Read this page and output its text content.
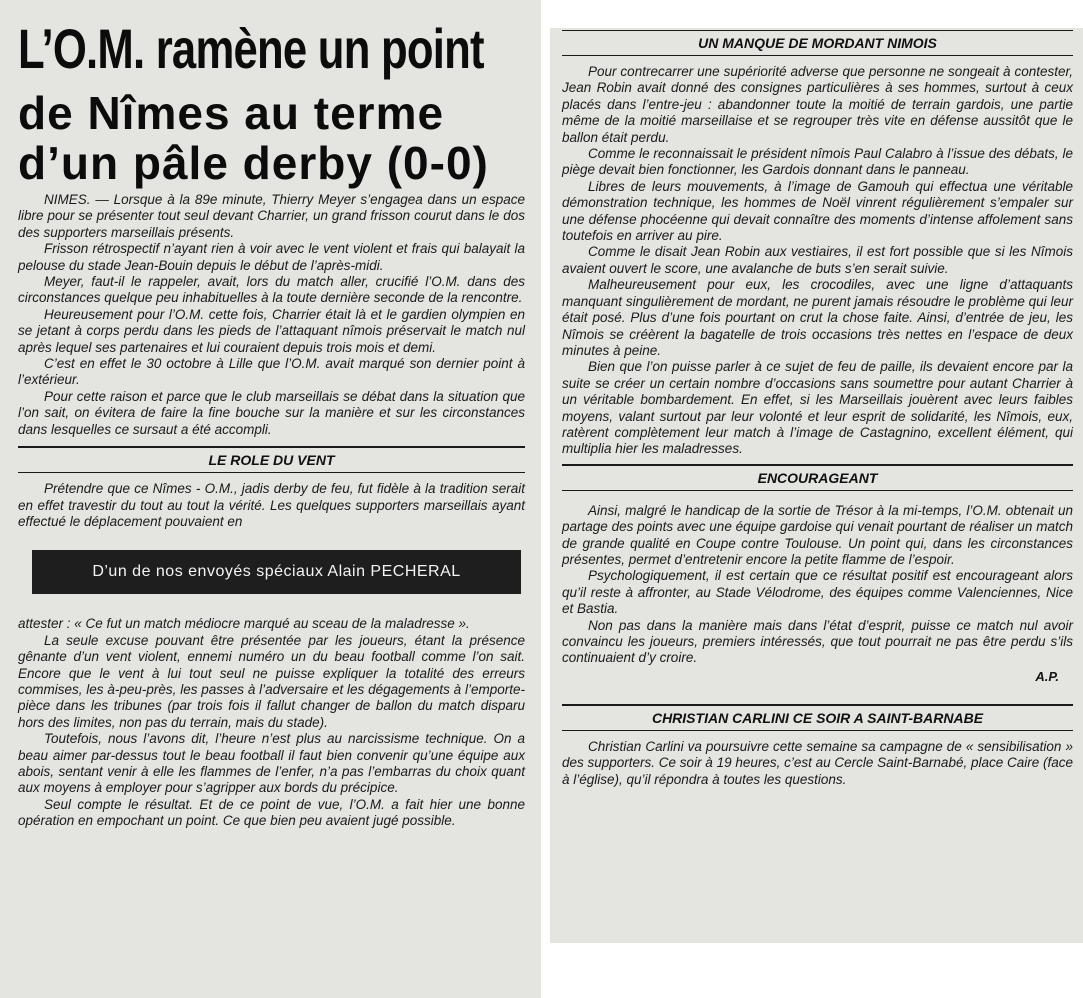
L’O.M. ramène un point
de Nîmes au terme
d’un pâle derby (0-0)

NIMES. — Lorsque à la 89e minute, Thierry Meyer s’engagea dans un espace libre pour se présenter tout seul devant Charrier, un grand frisson courut dans le dos des supporters marseillais présents.

Frisson rétrospectif n’ayant rien à voir avec le vent violent et frais qui balayait la pelouse du stade Jean-Bouin depuis le début de l’après-midi.

Meyer, faut-il le rappeler, avait, lors du match aller, crucifié l’O.M. dans des circonstances quelque peu inhabituelles à la toute dernière seconde de la rencontre.

Heureusement pour l’O.M. cette fois, Charrier était là et le gardien olympien en se jetant à corps perdu dans les pieds de l’attaquant nîmois préservait le match nul après lequel ses partenaires et lui couraient depuis trois mois et demi.

C’est en effet le 30 octobre à Lille que l’O.M. avait marqué son dernier point à l’extérieur.

Pour cette raison et parce que le club marseillais se débat dans la situation que l’on sait, on évitera de faire la fine bouche sur la manière et sur les circonstances dans lesquelles ce sursaut a été accompli.

LE ROLE DU VENT

Prétendre que ce Nîmes - O.M., jadis derby de feu, fut fidèle à la tradition serait en effet travestir du tout au tout la vérité. Les quelques supporters marseillais ayant effectué le déplacement pouvaient en

D’un de nos envoyés spéciaux Alain PECHERAL

attester : « Ce fut un match médiocre marqué au sceau de la maladresse ».

La seule excuse pouvant être présentée par les joueurs, étant la présence gênante d’un vent violent, ennemi numéro un du beau football comme l’on sait. Encore que le vent à lui tout seul ne puisse expliquer la totalité des erreurs commises, les à-peu-près, les passes à l’adversaire et les dégagements à l’emporte-pièce dans les tribunes (par trois fois il fallut changer de ballon du match disparu hors des limites, non pas du terrain, mais du stade).

Toutefois, nous l’avons dit, l’heure n’est plus au narcissisme technique. On a beau aimer par-dessus tout le beau football il faut bien convenir qu’une équipe aux abois, sentant venir à elle les flammes de l’enfer, n’a pas l’embarras du choix quant aux moyens à employer pour s’agripper aux bords du précipice.

Seul compte le résultat. Et de ce point de vue, l’O.M. a fait hier une bonne opération en empochant un point. Ce que bien peu avaient jugé possible.

UN MANQUE DE MORDANT NIMOIS

Pour contrecarrer une supériorité adverse que personne ne songeait à contester, Jean Robin avait donné des consignes particulières à ses hommes, surtout à ceux placés dans l’entre-jeu : abandonner toute la moitié de terrain gardois, une partie même de la moitié marseillaise et se regrouper très vite en défense aussitôt que le ballon était perdu.

Comme le reconnaissait le président nîmois Paul Calabro à l’issue des débats, le piège devait bien fonctionner, les Gardois donnant dans le panneau.

Libres de leurs mouvements, à l’image de Gamouh qui effectua une véritable démonstration technique, les hommes de Noël vinrent régulièrement s’empaler sur une défense phocéenne qui devait connaître des moments d’intense affolement sans toutefois en arriver au pire.

Comme le disait Jean Robin aux vestiaires, il est fort possible que si les Nîmois avaient ouvert le score, une avalanche de buts s’en serait suivie.

Malheureusement pour eux, les crocodiles, avec une ligne d’attaquants manquant singulièrement de mordant, ne purent jamais résoudre le problème qui leur était posé. Plus d’une fois pourtant on crut la chose faite. Ainsi, d’entrée de jeu, les Nîmois se créèrent la bagatelle de trois occasions très nettes en l’espace de deux minutes à peine.

Bien que l’on puisse parler à ce sujet de feu de paille, ils devaient encore par la suite se créer un certain nombre d’occasions sans soumettre pour autant Charrier à un véritable bombardement. En effet, si les Marseillais jouèrent avec leurs faibles moyens, valant surtout par leur volonté et leur esprit de solidarité, les Nîmois, eux, ratèrent complètement leur match à l’image de Castagnino, excellent élément, qui multiplia hier les maladresses.

ENCOURAGEANT

Ainsi, malgré le handicap de la sortie de Trésor à la mi-temps, l’O.M. obtenait un partage des points avec une équipe gardoise qui venait pourtant de réaliser un match de grande qualité en Coupe contre Toulouse. Un point qui, dans les circonstances présentes, permet d’entretenir encore la petite flamme de l’espoir.

Psychologiquement, il est certain que ce résultat positif est encourageant alors qu’il reste à affronter, au Stade Vélodrome, des équipes comme Valenciennes, Nice et Bastia.

Non pas dans la manière mais dans l’état d’esprit, puisse ce match nul avoir convaincu les joueurs, premiers intéressés, que tout pourrait ne pas être perdu s’ils continuaient d’y croire.

A.P.
CHRISTIAN CARLINI CE SOIR A SAINT-BARNABE

Christian Carlini va poursuivre cette semaine sa campagne de « sensibilisation » des supporters. Ce soir à 19 heures, c’est au Cercle Saint-Barnabé, place Caire (face à l’église), qu’il répondra à toutes les questions.
